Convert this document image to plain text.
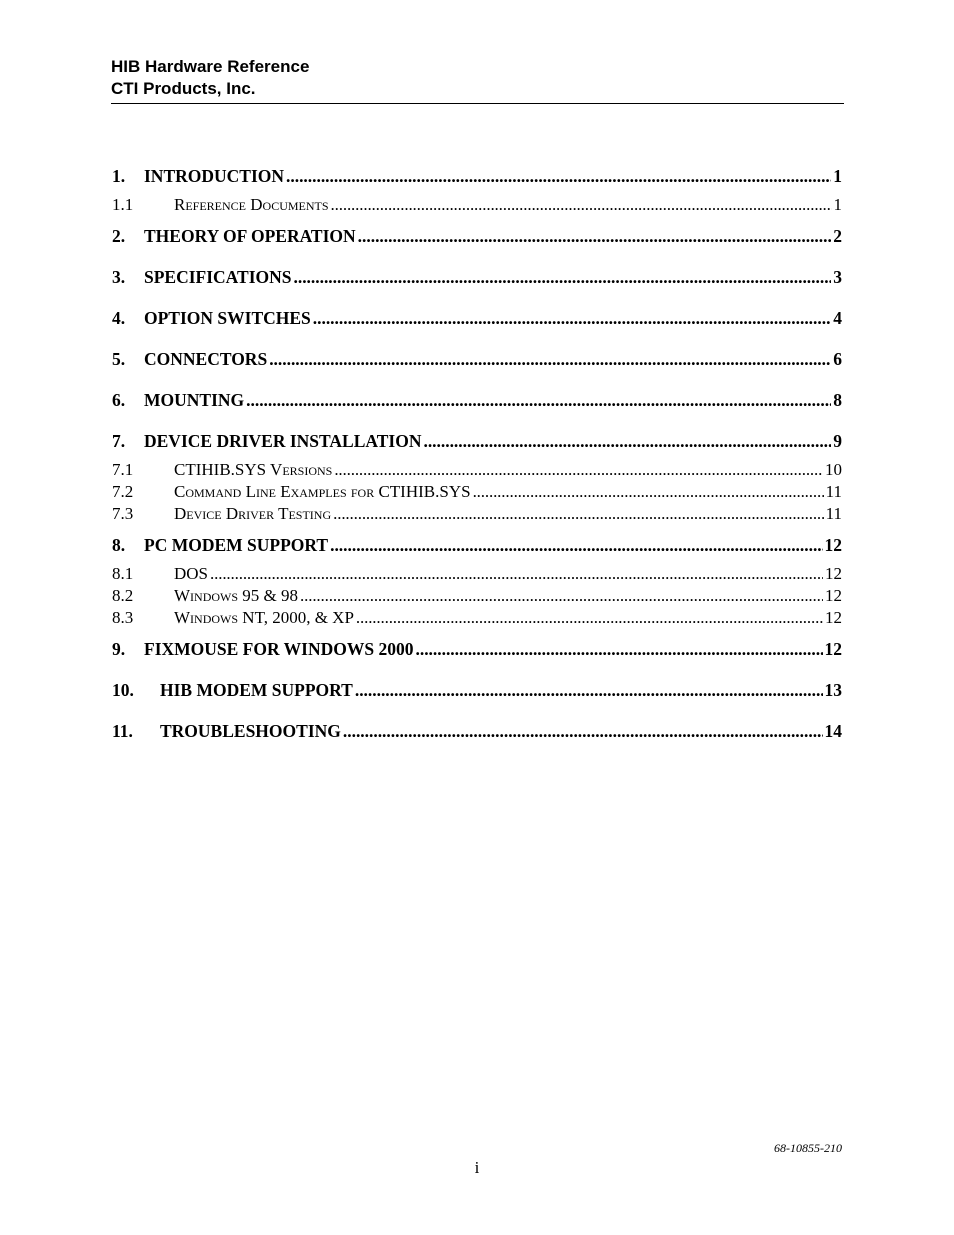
HIB Hardware Reference
CTI Products, Inc.
1.	INTRODUCTION . . .	1
1.1	Reference Documents . . .	1
2.	THEORY OF OPERATION . . .	2
3.	SPECIFICATIONS . . .	3
4.	OPTION SWITCHES . . .	4
5.	CONNECTORS . . .	6
6.	MOUNTING . . .	8
7.	DEVICE DRIVER INSTALLATION . . .	9
7.1	CTIHIB.SYS Versions . . .	10
7.2	Command Line Examples for CTIHIB.SYS . . .	11
7.3	Device Driver Testing . . .	11
8.	PC MODEM SUPPORT . . .	12
8.1	DOS . . .	12
8.2	Windows 95 & 98 . . .	12
8.3	Windows NT, 2000, & XP . . .	12
9.	FIXMOUSE FOR WINDOWS 2000 . . .	12
10.	HIB MODEM SUPPORT . . .	13
11.	TROUBLESHOOTING . . .	14
68-10855-210
i
